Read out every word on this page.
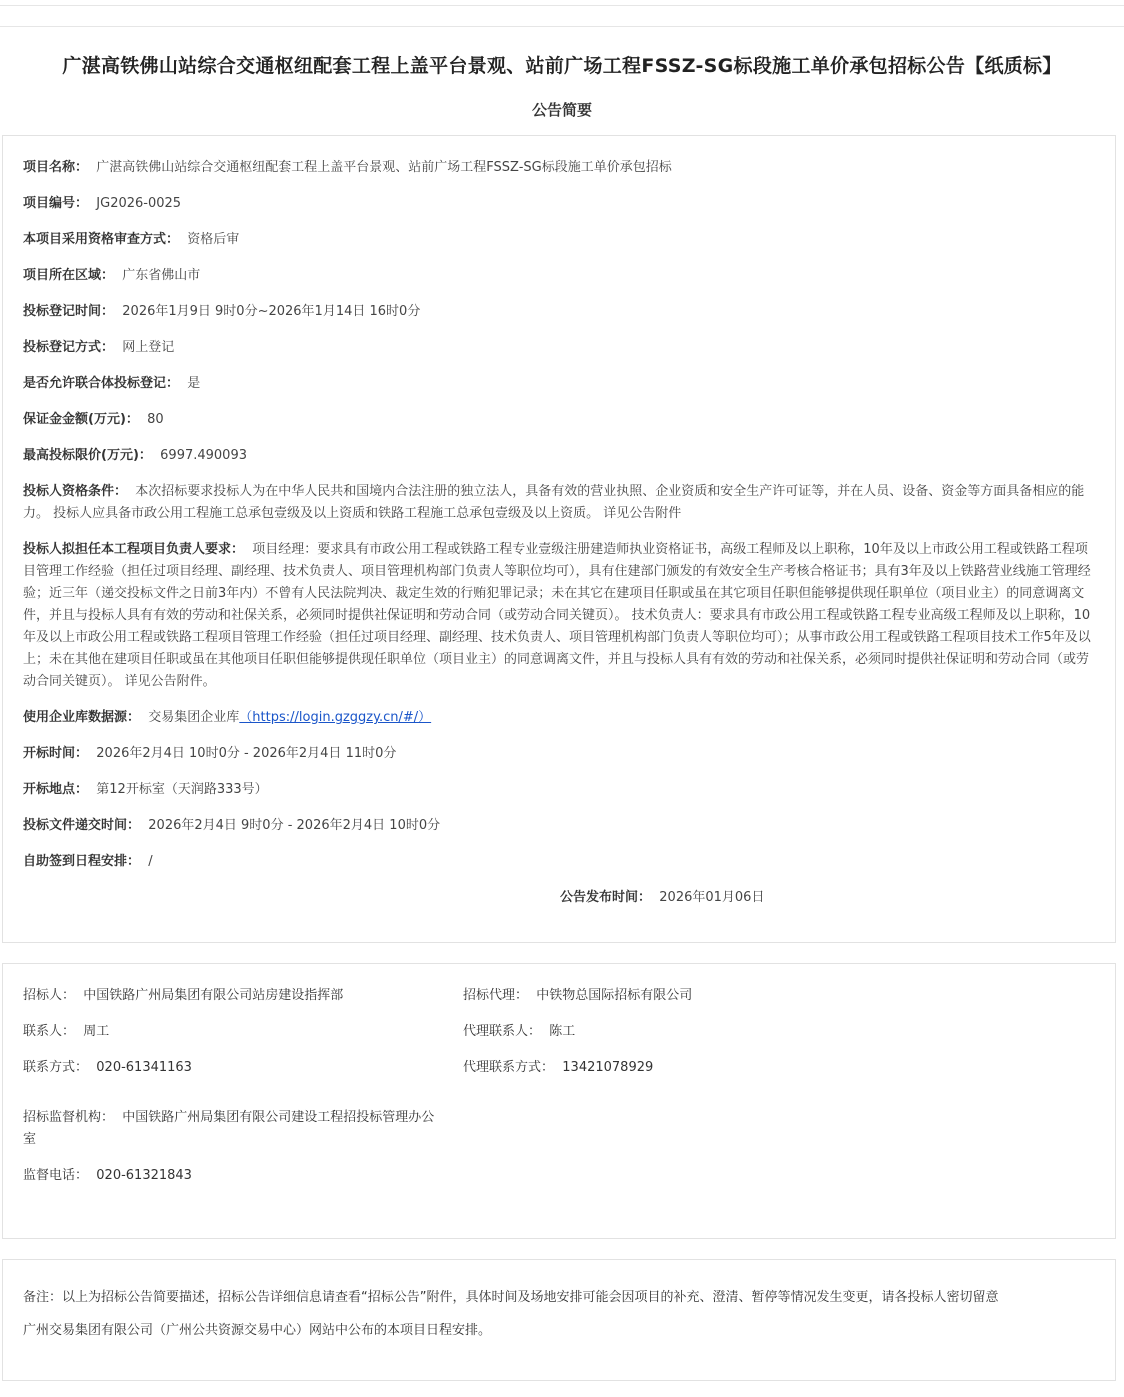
广湛高铁佛山站综合交通枢纽配套工程上盖平台景观、站前广场工程FSSZ-SG标段施工单价承包招标公告【纸质标】
公告简要
项目名称： 广湛高铁佛山站综合交通枢纽配套工程上盖平台景观、站前广场工程FSSZ-SG标段施工单价承包招标
项目编号： JG2026-0025
本项目采用资格审查方式： 资格后审
项目所在区域： 广东省佛山市
投标登记时间： 2026年1月9日 9时0分~2026年1月14日 16时0分
投标登记方式： 网上登记
是否允许联合体投标登记： 是
保证金金额(万元)： 80
最高投标限价(万元)： 6997.490093
投标人资格条件： 本次招标要求投标人为在中华人民共和国境内合法注册的独立法人，具备有效的营业执照、企业资质和安全生产许可证等，并在人员、设备、资金等方面具备相应的能力。 投标人应具备市政公用工程施工总承包壹级及以上资质和铁路工程施工总承包壹级及以上资质。 详见公告附件
投标人拟担任本工程项目负责人要求： 项目经理：要求具有市政公用工程或铁路工程专业壹级注册建造师执业资格证书，高级工程师及以上职称，10年及以上市政公用工程或铁路工程项目管理工作经验（担任过项目经理、副经理、技术负责人、项目管理机构部门负责人等职位均可），具有住建部门颁发的有效安全生产考核合格证书；具有3年及以上铁路营业线施工管理经验；近三年（递交投标文件之日前3年内）不曾有人民法院判决、裁定生效的行贿犯罪记录；未在其它在建项目任职或虽在其它项目任职但能够提供现任职单位（项目业主）的同意调离文件，并且与投标人具有有效的劳动和社保关系，必须同时提供社保证明和劳动合同（或劳动合同关键页）。 技术负责人：要求具有市政公用工程或铁路工程专业高级工程师及以上职称，10年及以上市政公用工程或铁路工程项目管理工作经验（担任过项目经理、副经理、技术负责人、项目管理机构部门负责人等职位均可）；从事市政公用工程或铁路工程项目技术工作5年及以上；未在其他在建项目任职或虽在其他项目任职但能够提供现任职单位（项目业主）的同意调离文件，并且与投标人具有有效的劳动和社保关系，必须同时提供社保证明和劳动合同（或劳动合同关键页）。 详见公告附件。
使用企业库数据源： 交易集团企业库（https://login.gzggzy.cn/#/）
开标时间： 2026年2月4日 10时0分 - 2026年2月4日 11时0分
开标地点： 第12开标室（天润路333号）
投标文件递交时间： 2026年2月4日 9时0分 - 2026年2月4日 10时0分
自助签到日程安排： /
公告发布时间： 2026年01月06日
招标人： 中国铁路广州局集团有限公司站房建设指挥部
联系人： 周工
联系方式： 020-61341163
招标代理： 中铁物总国际招标有限公司
代理联系人： 陈工
代理联系方式： 13421078929
招标监督机构： 中国铁路广州局集团有限公司建设工程招投标管理办公室
监督电话： 020-61321843
备注：以上为招标公告简要描述，招标公告详细信息请查看“招标公告”附件，具体时间及场地安排可能会因项目的补充、澄清、暂停等情况发生变更，请各投标人密切留意
广州交易集团有限公司（广州公共资源交易中心）网站中公布的本项目日程安排。
